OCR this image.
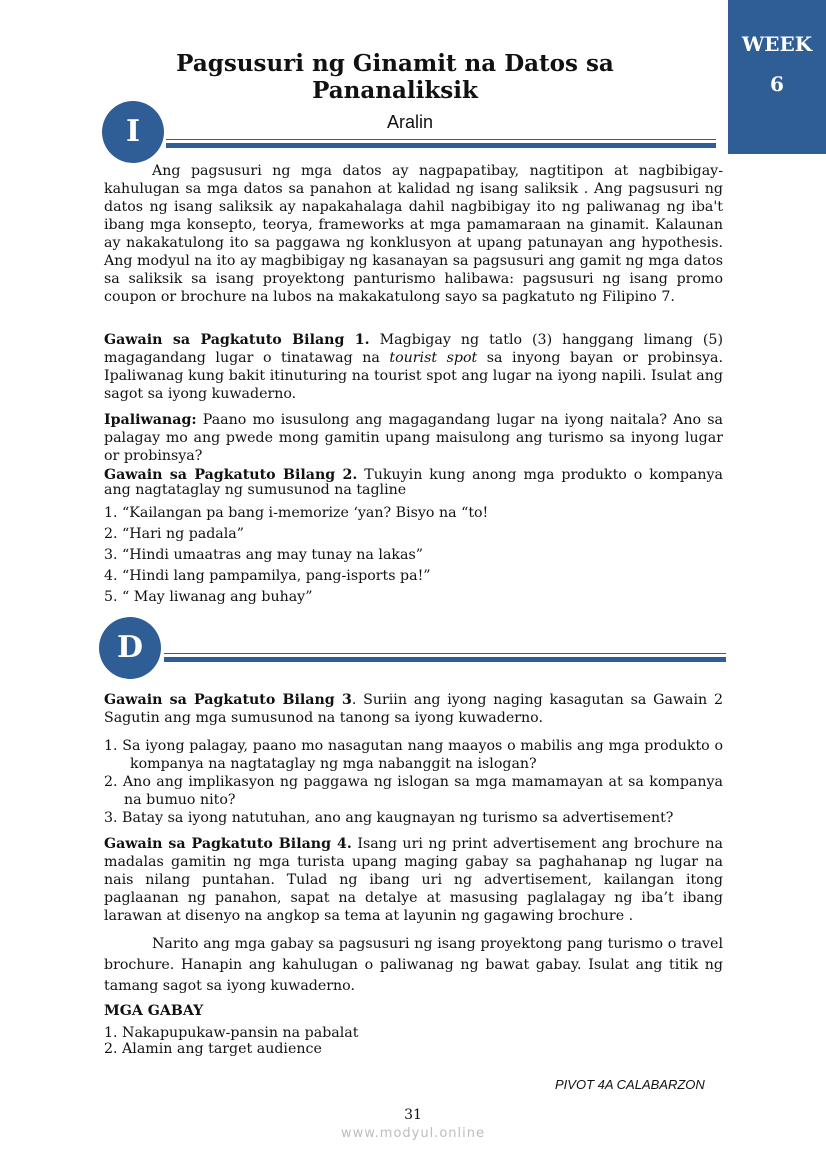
WEEK
6
Pagsusuri ng Ginamit na Datos sa
Pananaliksik
Aralin
I
Ang pagsusuri ng mga datos ay nagpapatibay, nagtitipon at nagbibigay-kahulugan sa mga datos sa panahon at kalidad ng isang saliksik . Ang pagsusuri ng datos ng isang saliksik ay napakahalaga dahil nagbibigay ito ng paliwanag ng iba't ibang mga konsepto, teorya, frameworks at mga pamamaraan na ginamit. Kalaunan ay nakakatulong ito sa paggawa ng konklusyon at upang patunayan ang hypothesis. Ang modyul na ito ay magbibigay ng kasanayan sa pagsusuri ang gamit ng mga datos sa saliksik sa isang proyektong panturismo halibawa: pagsusuri ng isang promo coupon or brochure na lubos na makakatulong sayo sa pagkatuto ng Filipino 7.
Gawain sa Pagkatuto Bilang 1. Magbigay ng tatlo (3) hanggang limang (5) magagandang lugar o tinatawag na tourist spot sa inyong bayan or probinsya. Ipaliwanag kung bakit itinuturing na tourist spot ang lugar na iyong napili. Isulat ang sagot sa iyong kuwaderno.
Ipaliwanag: Paano mo isusulong ang magagandang lugar na iyong naitala? Ano sa palagay mo ang pwede mong gamitin upang maisulong ang turismo sa inyong lugar or probinsya?
Gawain sa Pagkatuto Bilang 2. Tukuyin kung anong mga produkto o kompanya ang nagtataglay ng sumusunod na tagline
1. “Kailangan pa bang i-memorize ‘yan? Bisyo na “to!
2. “Hari ng padala”
3. “Hindi umaatras ang may tunay na lakas”
4. “Hindi lang pampamilya, pang-isports pa!”
5. “ May liwanag ang buhay”
D
Gawain sa Pagkatuto Bilang 3. Suriin ang iyong naging kasagutan sa Gawain 2 Sagutin ang mga sumusunod na tanong sa iyong kuwaderno.
1. Sa iyong palagay, paano mo nasagutan nang maayos o mabilis ang mga produkto o kompanya na nagtataglay ng mga nabanggit na islogan?
2. Ano ang implikasyon ng paggawa ng islogan sa mga mamamayan at sa kompanya na bumuo nito?
3. Batay sa iyong natutuhan, ano ang kaugnayan ng turismo sa advertisement?
Gawain sa Pagkatuto Bilang 4. Isang uri ng print advertisement ang brochure na madalas gamitin ng mga turista upang maging gabay sa paghahanap ng lugar na nais nilang puntahan. Tulad ng ibang uri ng advertisement, kailangan itong paglaanan ng panahon, sapat na detalye at masusing paglalagay ng iba’t ibang larawan at disenyo na angkop sa tema at layunin ng gagawing brochure .
Narito ang mga gabay sa pagsusuri ng isang proyektong pang turismo o travel brochure. Hanapin ang kahulugan o paliwanag ng bawat gabay. Isulat ang titik ng tamang sagot sa iyong kuwaderno.
MGA GABAY
1. Nakapupukaw-pansin na pabalat
2. Alamin ang target audience
PIVOT 4A CALABARZON
31
www.modyul.online
